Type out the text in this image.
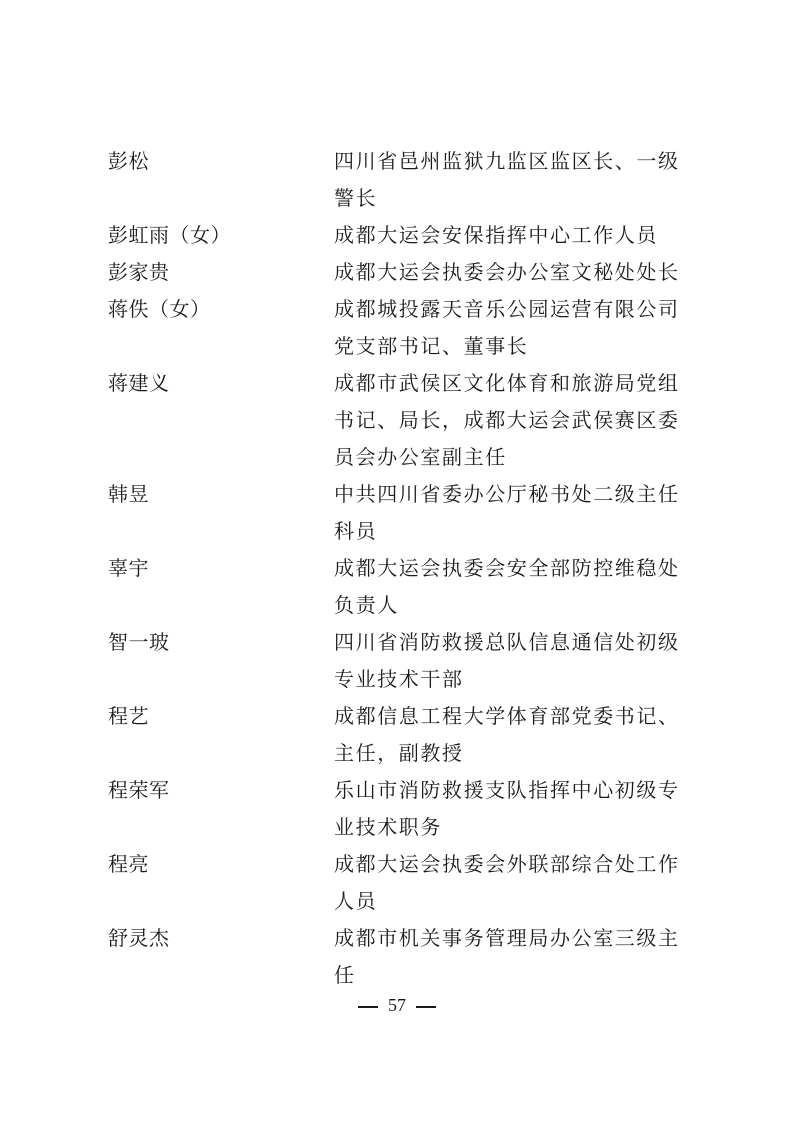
彭松	四川省邑州监狱九监区监区长、一级警长
彭虹雨（女）	成都大运会安保指挥中心工作人员
彭家贵	成都大运会执委会办公室文秘处处长
蒋佚（女）	成都城投露天音乐公园运营有限公司党支部书记、董事长
蒋建义	成都市武侯区文化体育和旅游局党组书记、局长，成都大运会武侯赛区委员会办公室副主任
韩昱	中共四川省委办公厅秘书处二级主任科员
辜宇	成都大运会执委会安全部防控维稳处负责人
智一玻	四川省消防救援总队信息通信处初级专业技术干部
程艺	成都信息工程大学体育部党委书记、主任，副教授
程荣军	乐山市消防救援支队指挥中心初级专业技术职务
程亮	成都大运会执委会外联部综合处工作人员
舒灵杰	成都市机关事务管理局办公室三级主任
57
